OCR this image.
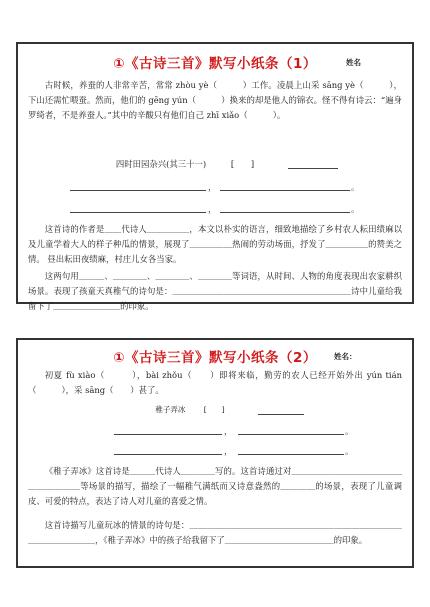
①《古诗三首》默写小纸条（1）	姓名
古时候，养蚕的人非常辛苦，常常 zhòu yè（　　　）工作。凌晨上山采 sāng yè（　　　），下山还需忙喂蚕。然而，他们的 gēng yún（　　　）换来的却是他人的锦衣。怪不得有诗云：“遍身罗绮者，不是养蚕人。”其中的辛酸只有他们自己 zhī xiǎo（　　　）。
四时田园杂兴(其三十一)	[　　]
，	。
，	。
这首诗的作者是＿＿代诗人＿＿＿＿＿，本文以朴实的语言，细致地描绘了乡村农人耘田绩麻以及儿童学着大人的样子种瓜的情景，展现了＿＿＿＿＿热闹的劳动场面，抒发了＿＿＿＿＿的赞美之情。 昼出耘田夜绩麻，村庄儿女各当家。
这两句用＿＿＿、＿＿＿＿、＿＿＿＿、＿＿＿＿等词语，从时间、人物的角度表现出农家耕织场景。表现了孩童天真稚气的诗句是：＿＿＿＿＿＿＿＿＿＿＿＿＿＿＿＿＿＿＿＿＿诗中儿童给我留下了＿＿＿＿＿＿＿＿的印象。
①《古诗三首》默写小纸条（2）	姓名：
初夏 fù xiào（　　　），bài zhǒu（　　）即将来临，勤劳的农人已经开始外出 yún tián（　　　），采 sāng（　　）甚了。
稚子弄冰 [　　]
，	。
，	。
《稚子弄冰》这首诗是＿＿＿代诗人＿＿＿＿写的。这首诗通过对＿＿＿＿＿＿＿＿＿＿＿＿＿＿＿＿＿＿＿等场景的描写，描绘了一幅稚气满纸而又诗意盎然的＿＿＿＿的场景，表现了儿童调皮、可爱的特点，表达了诗人对儿童的喜爱之情。
这首诗描写儿童玩冰的情景的诗句是：＿＿＿＿＿＿＿＿＿＿＿＿＿＿＿＿＿＿＿＿＿＿＿＿＿＿＿＿＿＿＿＿＿，《稚子弄冰》中的孩子给我留下了＿＿＿＿＿＿＿＿＿＿＿＿＿的印象。
